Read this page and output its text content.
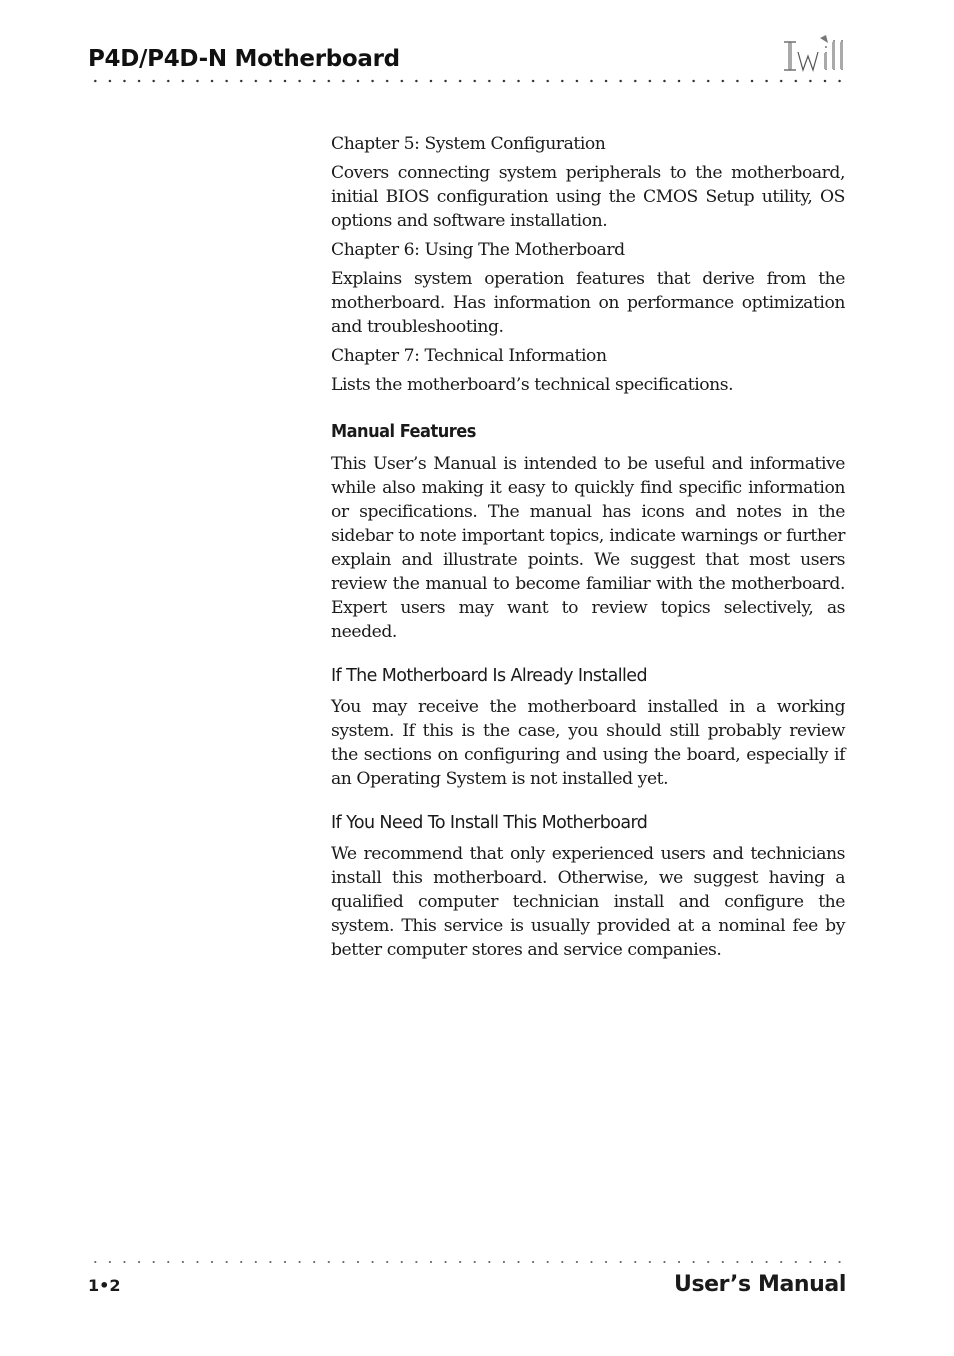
P4D/P4D-N Motherboard

Chapter 5: System Configuration

Covers connecting system peripherals to the motherboard, initial BIOS configuration using the CMOS Setup utility, OS options and software installation.

Chapter 6: Using The Motherboard

Explains system operation features that derive from the motherboard. Has information on performance optimization and troubleshooting.

Chapter 7: Technical Information

Lists the motherboard’s technical specifications.

Manual Features

This User’s Manual is intended to be useful and informative while also making it easy to quickly find specific information or specifications. The manual has icons and notes in the sidebar to note important topics, indicate warnings or further explain and illustrate points. We suggest that most users review the manual to become familiar with the motherboard. Expert users may want to review topics selectively, as needed.

If The Motherboard Is Already Installed

You may receive the motherboard installed in a working system. If this is the case, you should still probably review the sections on configuring and using the board, especially if an Operating System is not installed yet.

If You Need To Install This Motherboard

We recommend that only experienced users and technicians install this motherboard. Otherwise, we suggest having a qualified computer technician install and configure the system. This service is usually provided at a nominal fee by better computer stores and service companies.

1•2	User’s Manual
